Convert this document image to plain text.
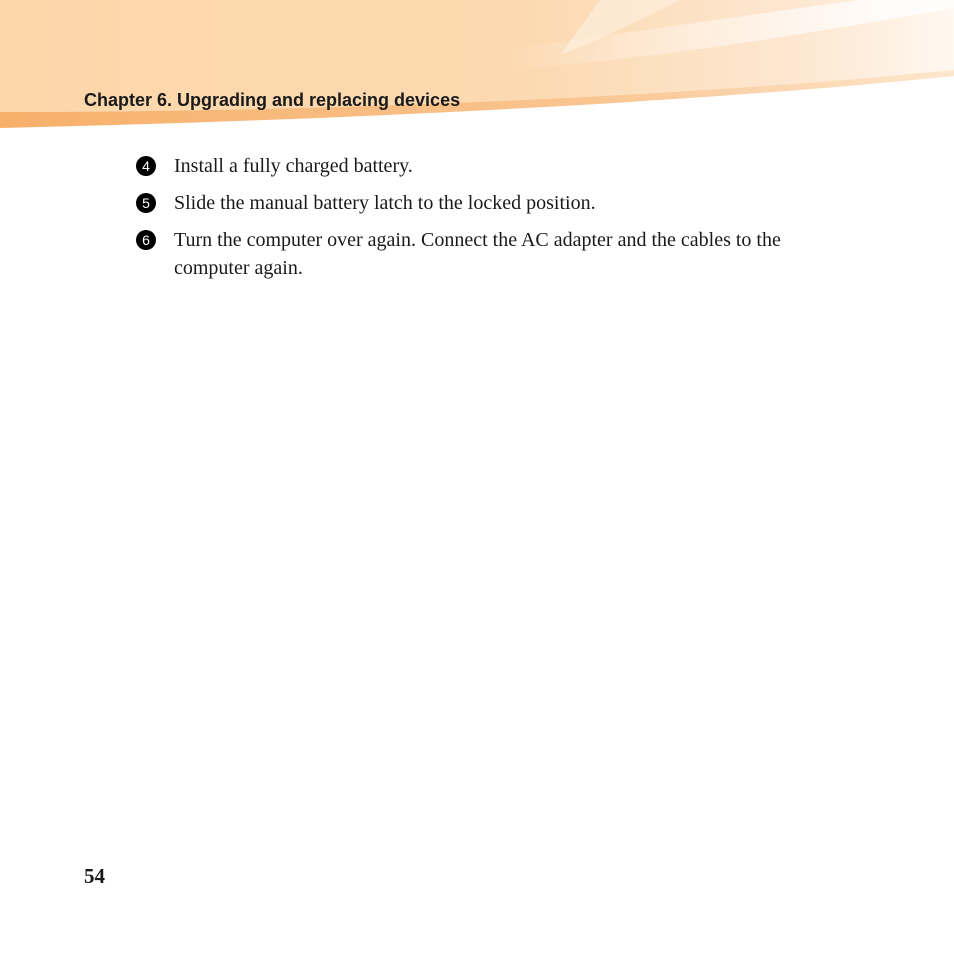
Chapter 6. Upgrading and replacing devices
4	Install a fully charged battery.
5	Slide the manual battery latch to the locked position.
6	Turn the computer over again. Connect the AC adapter and the cables to the computer again.
54
